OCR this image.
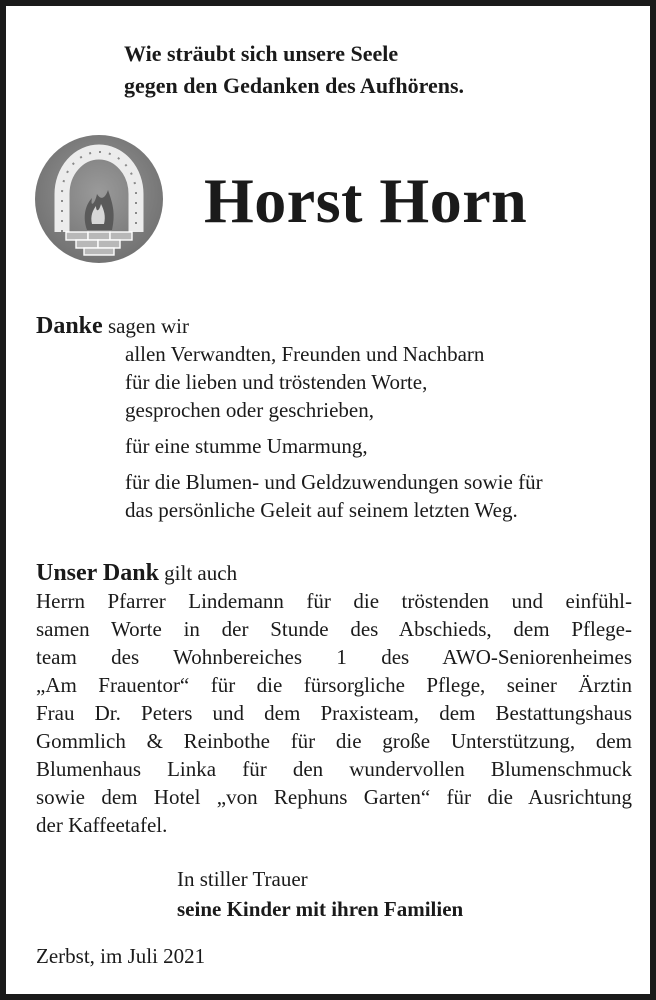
Wie sträubt sich unsere Seele
gegen den Gedanken des Aufhörens.
Horst Horn
Danke sagen wir
allen Verwandten, Freunden und Nachbarn
für die lieben und tröstenden Worte,
gesprochen oder geschrieben,
für eine stumme Umarmung,
für die Blumen- und Geldzuwendungen sowie für
das persönliche Geleit auf seinem letzten Weg.
Unser Dank gilt auch
Herrn Pfarrer Lindemann für die tröstenden und einfühl-
samen Worte in der Stunde des Abschieds, dem Pflege-
team des Wohnbereiches 1 des AWO-Seniorenheimes
„Am Frauentor“ für die fürsorgliche Pflege, seiner Ärztin
Frau Dr. Peters und dem Praxisteam, dem Bestattungshaus
Gommlich & Reinbothe für die große Unterstützung, dem
Blumenhaus Linka für den wundervollen Blumenschmuck
sowie dem Hotel „von Rephuns Garten“ für die Ausrichtung
der Kaffeetafel.
In stiller Trauer
seine Kinder mit ihren Familien
Zerbst, im Juli 2021
